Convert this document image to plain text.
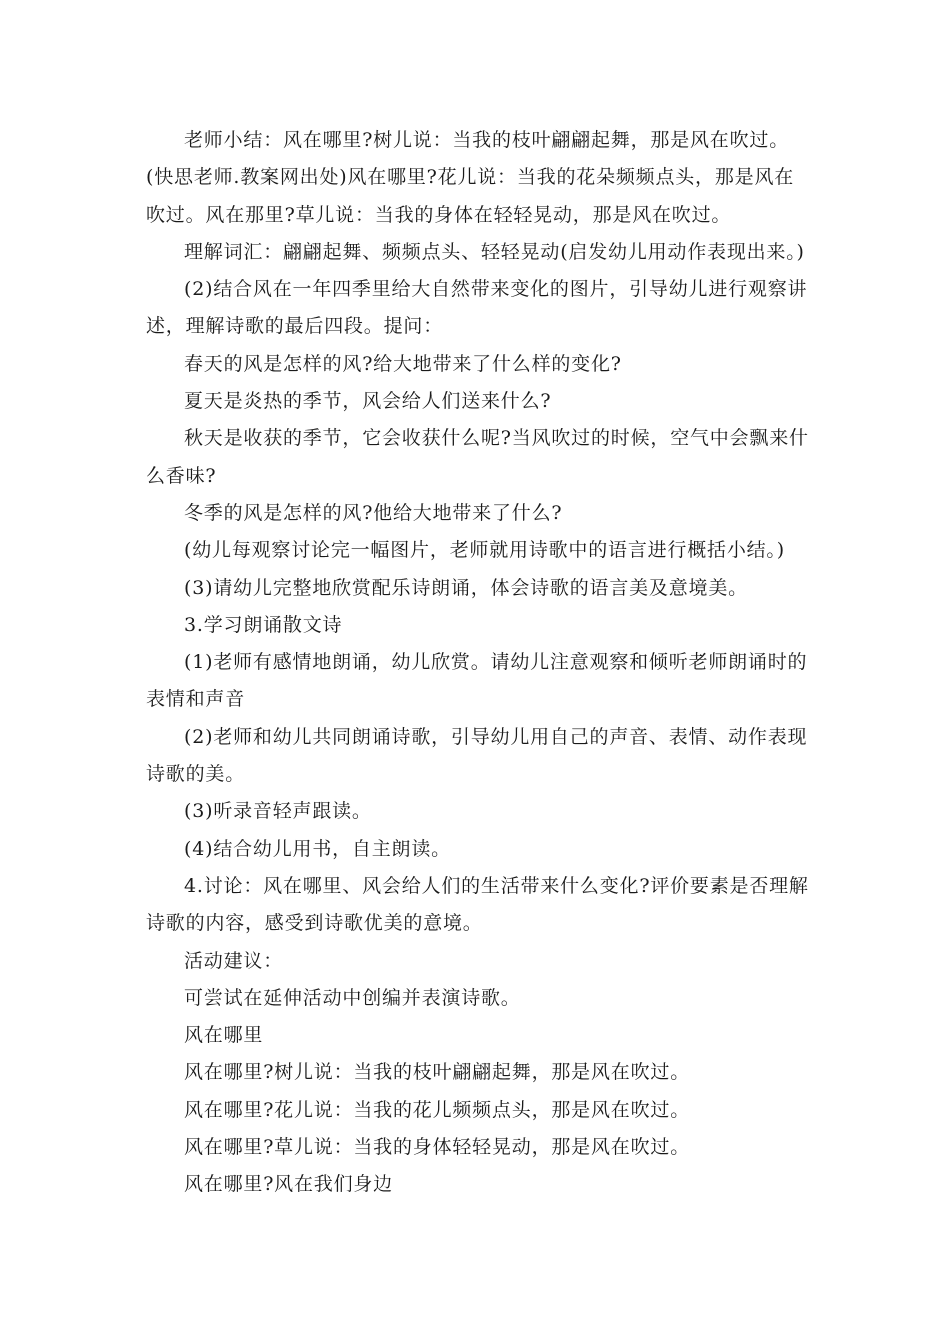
老师小结：风在哪里?树儿说：当我的枝叶翩翩起舞，那是风在吹过。(快思老师.教案网出处)风在哪里?花儿说：当我的花朵频频点头，那是风在吹过。风在那里?草儿说：当我的身体在轻轻晃动，那是风在吹过。

理解词汇：翩翩起舞、频频点头、轻轻晃动(启发幼儿用动作表现出来。)

(2)结合风在一年四季里给大自然带来变化的图片，引导幼儿进行观察讲述，理解诗歌的最后四段。提问：

春天的风是怎样的风?给大地带来了什么样的变化?

夏天是炎热的季节，风会给人们送来什么?

秋天是收获的季节，它会收获什么呢?当风吹过的时候，空气中会飘来什么香味?

冬季的风是怎样的风?他给大地带来了什么?

(幼儿每观察讨论完一幅图片，老师就用诗歌中的语言进行概括小结。)

(3)请幼儿完整地欣赏配乐诗朗诵，体会诗歌的语言美及意境美。

3.学习朗诵散文诗

(1)老师有感情地朗诵，幼儿欣赏。请幼儿注意观察和倾听老师朗诵时的表情和声音

(2)老师和幼儿共同朗诵诗歌，引导幼儿用自己的声音、表情、动作表现诗歌的美。

(3)听录音轻声跟读。

(4)结合幼儿用书，自主朗读。

4.讨论：风在哪里、风会给人们的生活带来什么变化?评价要素是否理解诗歌的内容，感受到诗歌优美的意境。

活动建议：

可尝试在延伸活动中创编并表演诗歌。

风在哪里

风在哪里?树儿说：当我的枝叶翩翩起舞，那是风在吹过。

风在哪里?花儿说：当我的花儿频频点头，那是风在吹过。

风在哪里?草儿说：当我的身体轻轻晃动，那是风在吹过。

风在哪里?风在我们身边
